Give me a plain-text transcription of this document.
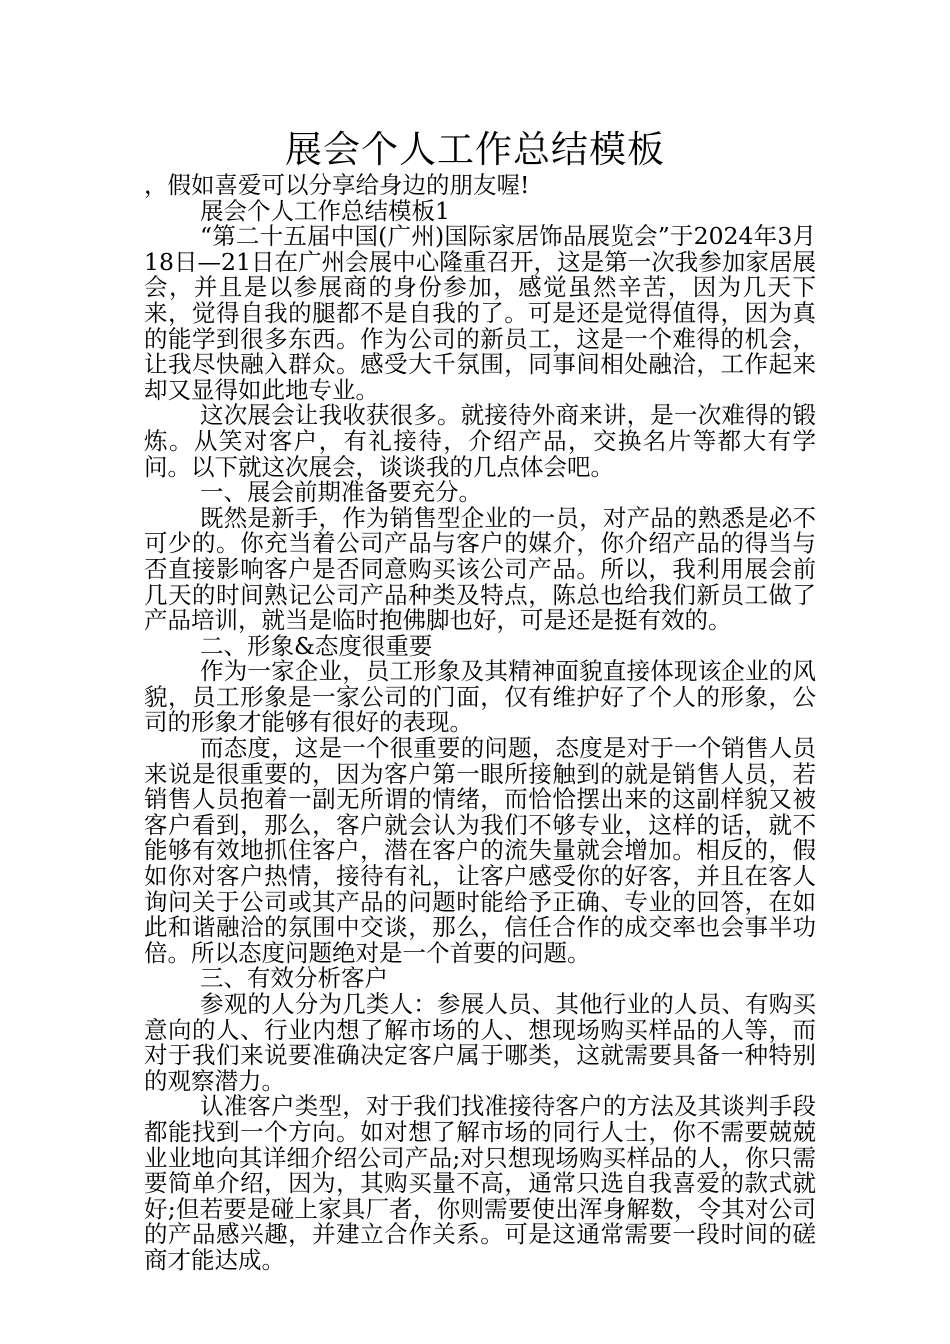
展会个人工作总结模板

，假如喜爱可以分享给身边的朋友喔!

展会个人工作总结模板1

“第二十五届中国(广州)国际家居饰品展览会”于2024年3月18日—21日在广州会展中心隆重召开，这是第一次我参加家居展会，并且是以参展商的身份参加，感觉虽然辛苦，因为几天下来，觉得自我的腿都不是自我的了。可是还是觉得值得，因为真的能学到很多东西。作为公司的新员工，这是一个难得的机会，让我尽快融入群众。感受大千氛围，同事间相处融洽，工作起来却又显得如此地专业。

这次展会让我收获很多。就接待外商来讲，是一次难得的锻炼。从笑对客户，有礼接待，介绍产品，交换名片等都大有学问。以下就这次展会，谈谈我的几点体会吧。

一、展会前期准备要充分。

既然是新手，作为销售型企业的一员，对产品的熟悉是必不可少的。你充当着公司产品与客户的媒介，你介绍产品的得当与否直接影响客户是否同意购买该公司产品。所以，我利用展会前几天的时间熟记公司产品种类及特点，陈总也给我们新员工做了产品培训，就当是临时抱佛脚也好，可是还是挺有效的。

二、形象&态度很重要

作为一家企业，员工形象及其精神面貌直接体现该企业的风貌，员工形象是一家公司的门面，仅有维护好了个人的形象，公司的形象才能够有很好的表现。

而态度，这是一个很重要的问题，态度是对于一个销售人员来说是很重要的，因为客户第一眼所接触到的就是销售人员，若销售人员抱着一副无所谓的情绪，而恰恰摆出来的这副样貌又被客户看到，那么，客户就会认为我们不够专业，这样的话，就不能够有效地抓住客户，潜在客户的流失量就会增加。相反的，假如你对客户热情，接待有礼，让客户感受你的好客，并且在客人询问关于公司或其产品的问题时能给予正确、专业的回答，在如此和谐融洽的氛围中交谈，那么，信任合作的成交率也会事半功倍。所以态度问题绝对是一个首要的问题。

三、有效分析客户

参观的人分为几类人：参展人员、其他行业的人员、有购买意向的人、行业内想了解市场的人、想现场购买样品的人等，而对于我们来说要准确决定客户属于哪类，这就需要具备一种特别的观察潜力。

认准客户类型，对于我们找准接待客户的方法及其谈判手段都能找到一个方向。如对想了解市场的同行人士，你不需要兢兢业业地向其详细介绍公司产品;对只想现场购买样品的人，你只需要简单介绍，因为，其购买量不高，通常只选自我喜爱的款式就好;但若要是碰上家具厂者，你则需要使出浑身解数，令其对公司的产品感兴趣，并建立合作关系。可是这通常需要一段时间的磋商才能达成。
